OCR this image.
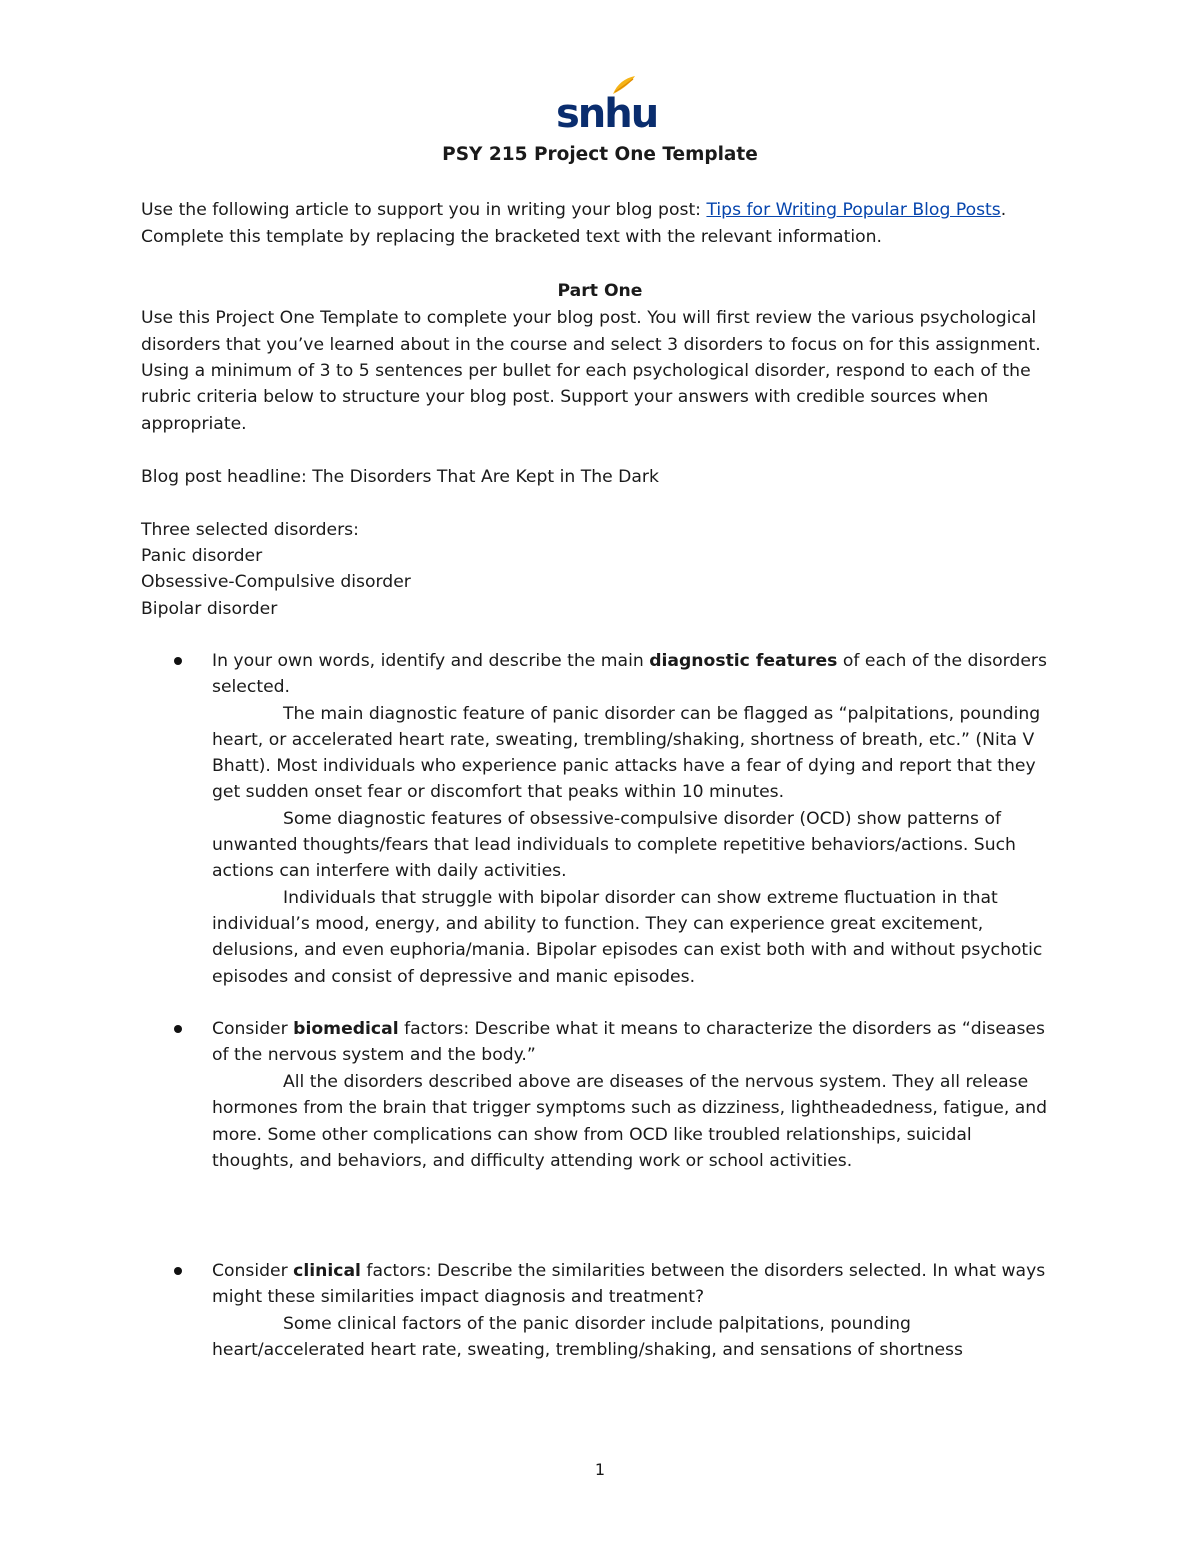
snhu
PSY 215 Project One Template
Use the following article to support you in writing your blog post: Tips for Writing Popular Blog Posts.
Complete this template by replacing the bracketed text with the relevant information.
Part One
Use this Project One Template to complete your blog post. You will first review the various psychological
disorders that you’ve learned about in the course and select 3 disorders to focus on for this assignment.
Using a minimum of 3 to 5 sentences per bullet for each psychological disorder, respond to each of the
rubric criteria below to structure your blog post. Support your answers with credible sources when
appropriate.
Blog post headline: The Disorders That Are Kept in The Dark
Three selected disorders:
Panic disorder
Obsessive-Compulsive disorder
Bipolar disorder
In your own words, identify and describe the main diagnostic features of each of the disorders
selected.
The main diagnostic feature of panic disorder can be flagged as “palpitations, pounding
heart, or accelerated heart rate, sweating, trembling/shaking, shortness of breath, etc.” (Nita V
Bhatt). Most individuals who experience panic attacks have a fear of dying and report that they
get sudden onset fear or discomfort that peaks within 10 minutes.
Some diagnostic features of obsessive-compulsive disorder (OCD) show patterns of
unwanted thoughts/fears that lead individuals to complete repetitive behaviors/actions. Such
actions can interfere with daily activities.
Individuals that struggle with bipolar disorder can show extreme fluctuation in that
individual’s mood, energy, and ability to function. They can experience great excitement,
delusions, and even euphoria/mania. Bipolar episodes can exist both with and without psychotic
episodes and consist of depressive and manic episodes.
Consider biomedical factors: Describe what it means to characterize the disorders as “diseases
of the nervous system and the body.”
All the disorders described above are diseases of the nervous system. They all release
hormones from the brain that trigger symptoms such as dizziness, lightheadedness, fatigue, and
more. Some other complications can show from OCD like troubled relationships, suicidal
thoughts, and behaviors, and difficulty attending work or school activities.
Consider clinical factors: Describe the similarities between the disorders selected. In what ways
might these similarities impact diagnosis and treatment?
Some clinical factors of the panic disorder include palpitations, pounding
heart/accelerated heart rate, sweating, trembling/shaking, and sensations of shortness
1
